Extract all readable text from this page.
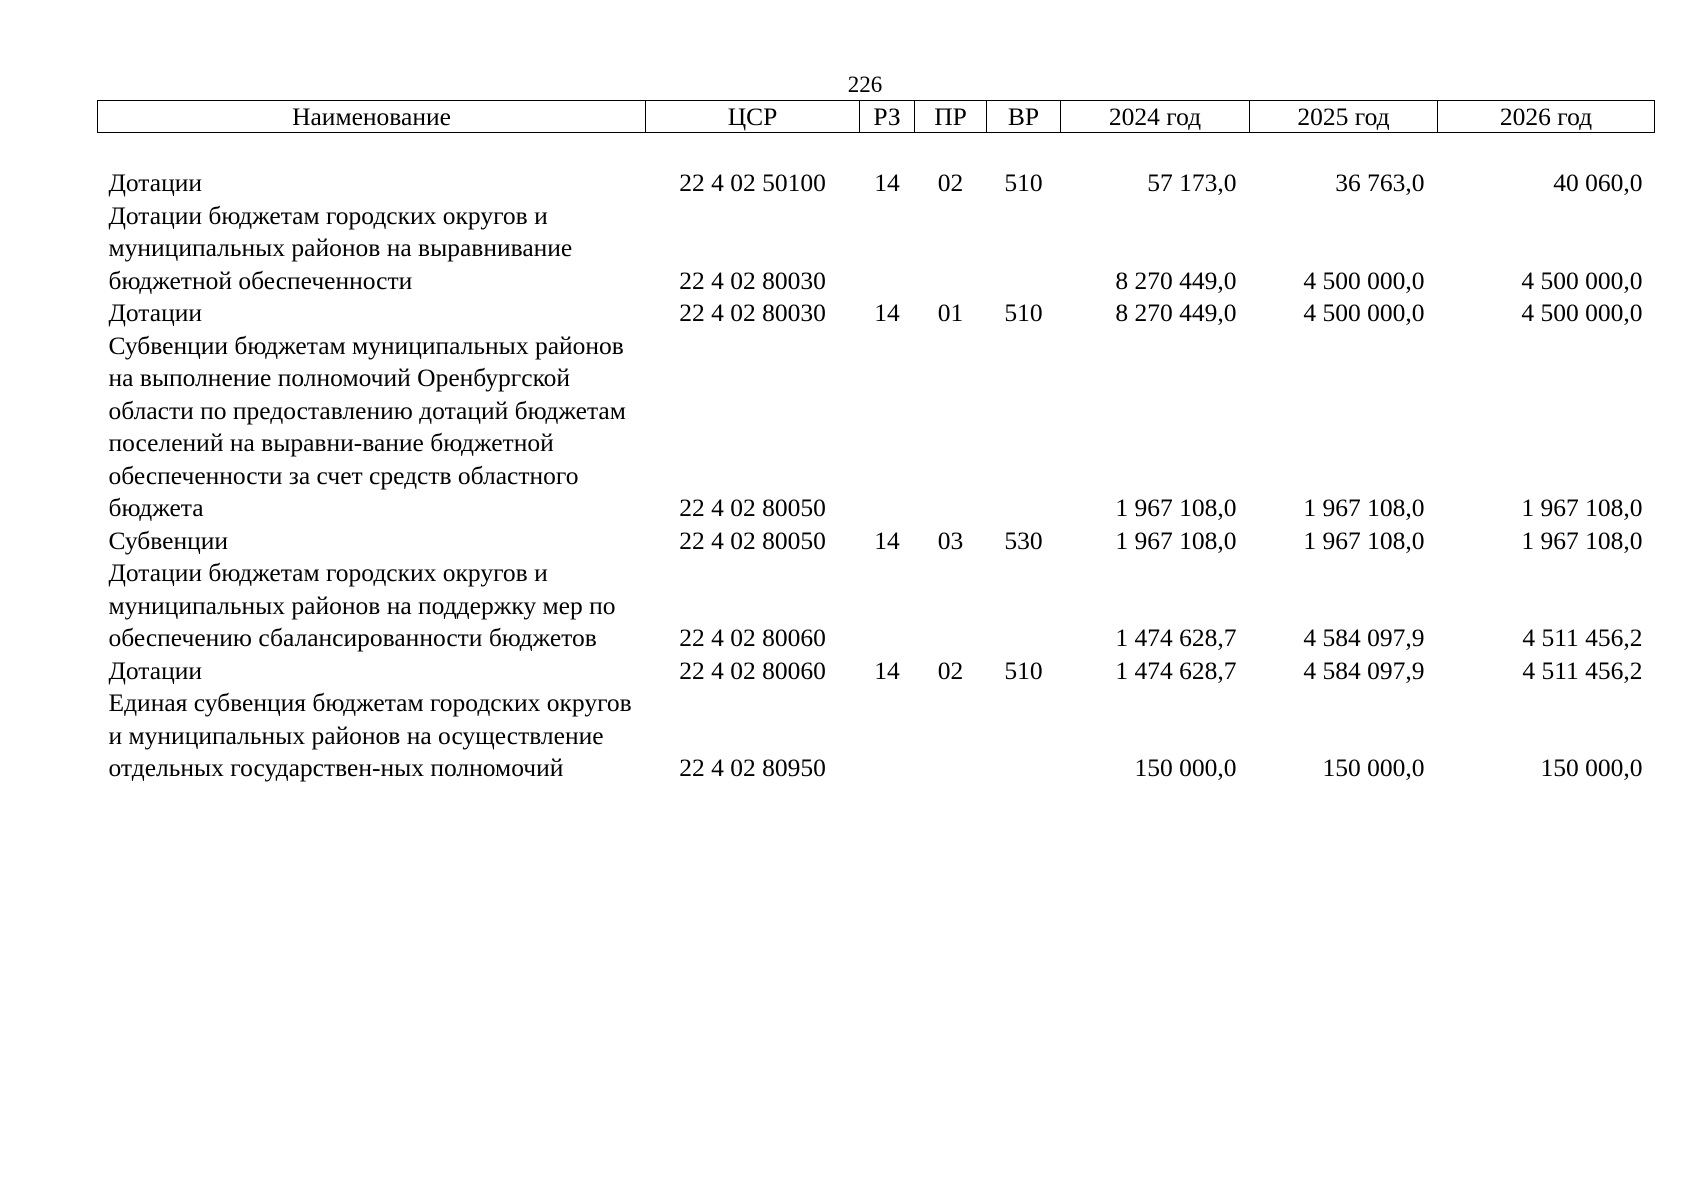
226
Наименование	ЦСР	РЗ	ПР	ВР	2024 год	2025 год	2026 год

Дотации	22 4 02 50100	14	02	510	57 173,0	36 763,0	40 060,0
Дотации бюджетам городских округов и муниципальных районов на выравнивание бюджетной обеспеченности	22 4 02 80030				8 270 449,0	4 500 000,0	4 500 000,0
Дотации	22 4 02 80030	14	01	510	8 270 449,0	4 500 000,0	4 500 000,0
Субвенции бюджетам муниципальных районов на выполнение полномочий Оренбургской области по предоставлению дотаций бюджетам поселений на выравни-вание бюджетной обеспеченности за счет средств областного бюджета	22 4 02 80050				1 967 108,0	1 967 108,0	1 967 108,0
Субвенции	22 4 02 80050	14	03	530	1 967 108,0	1 967 108,0	1 967 108,0
Дотации бюджетам городских округов и муниципальных районов на поддержку мер по обеспечению сбалансированности бюджетов	22 4 02 80060				1 474 628,7	4 584 097,9	4 511 456,2
Дотации	22 4 02 80060	14	02	510	1 474 628,7	4 584 097,9	4 511 456,2
Единая субвенция бюджетам городских округов и муниципальных районов на осуществление отдельных государствен-ных полномочий	22 4 02 80950				150 000,0	150 000,0	150 000,0
